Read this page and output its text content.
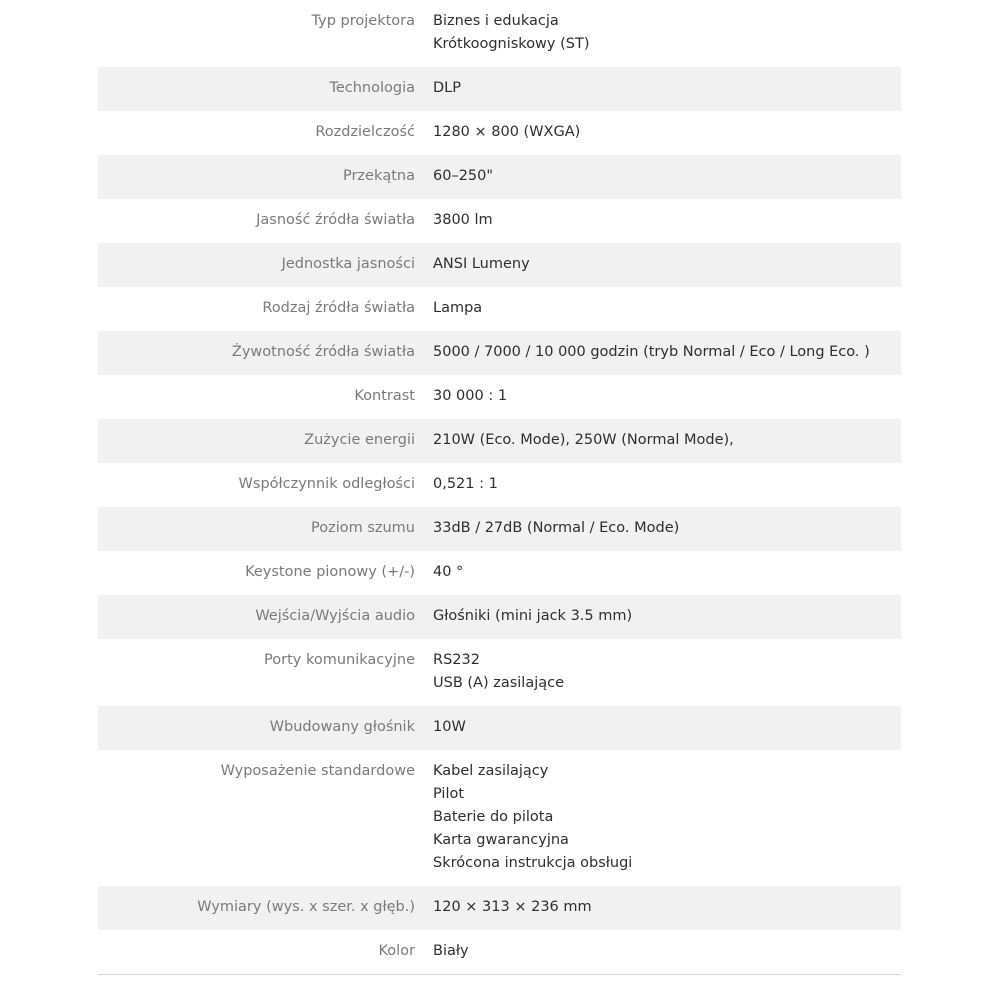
Typ projektora Biznes i edukacja
Krótkoogniskowy (ST)
Technologia DLP
Rozdzielczość 1280 × 800 (WXGA)
Przekątna 60–250"
Jasność źródła światła 3800 lm
Jednostka jasności ANSI Lumeny
Rodzaj źródła światła Lampa
Żywotność źródła światła 5000 / 7000 / 10 000 godzin (tryb Normal / Eco / Long Eco. )
Kontrast 30 000 : 1
Zużycie energii 210W (Eco. Mode), 250W (Normal Mode),
Współczynnik odległości 0,521 : 1
Poziom szumu 33dB / 27dB (Normal / Eco. Mode)
Keystone pionowy (+/-) 40 °
Wejścia/Wyjścia audio Głośniki (mini jack 3.5 mm)
Porty komunikacyjne RS232
USB (A) zasilające
Wbudowany głośnik 10W
Wyposażenie standardowe Kabel zasilający
Pilot
Baterie do pilota
Karta gwarancyjna
Skrócona instrukcja obsługi
Wymiary (wys. x szer. x głęb.) 120 × 313 × 236 mm
Kolor Biały
